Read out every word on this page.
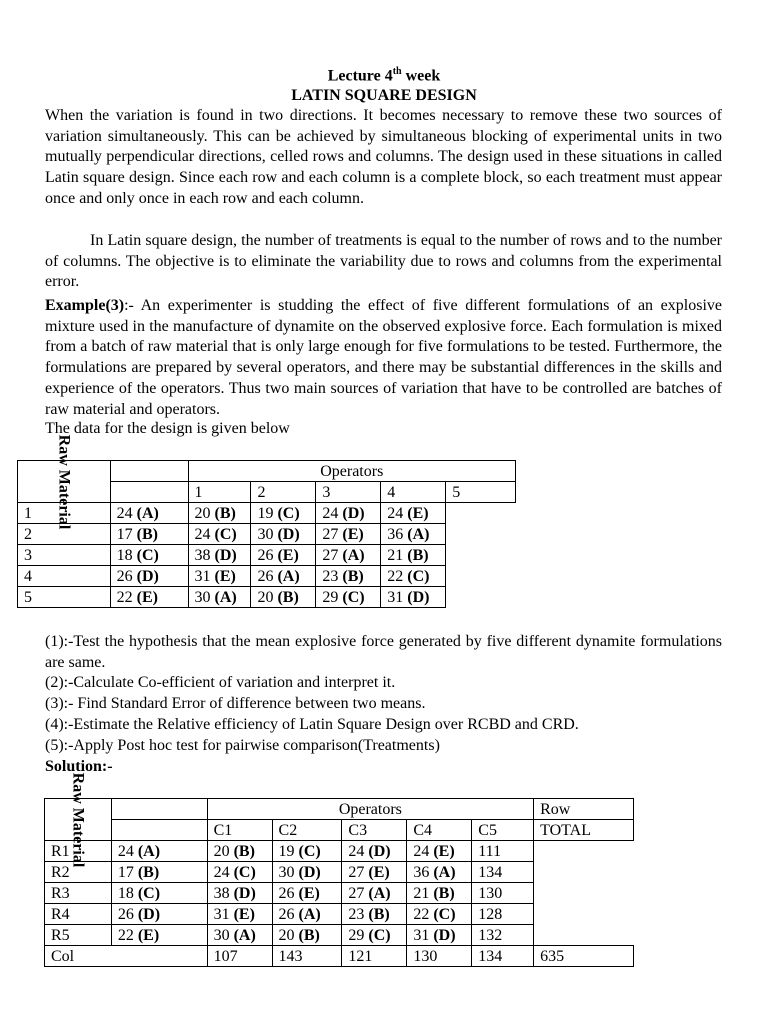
Lecture 4th week
LATIN SQUARE DESIGN

When the variation is found in two directions. It becomes necessary to remove these two sources of variation simultaneously. This can be achieved by simultaneous blocking of experimental units in two mutually perpendicular directions, celled rows and columns. The design used in these situations in called Latin square design. Since each row and each column is a complete block, so each treatment must appear once and only once in each row and each column.

In Latin square design, the number of treatments is equal to the number of rows and to the number of columns. The objective is to eliminate the variability due to rows and columns from the experimental error.

Example(3):- An experimenter is studding the effect of five different formulations of an explosive mixture used in the manufacture of dynamite on the observed explosive force. Each formulation is mixed from a batch of raw material that is only large enough for five formulations to be tested. Furthermore, the formulations are prepared by several operators, and there may be substantial differences in the skills and experience of the operators. Thus two main sources of variation that have to be controlled are batches of raw material and operators.

The data for the design is given below
Raw Material		Operators				
		1	2	3	4	5
1	24 (A)	20 (B)	19 (C)	24 (D)	24 (E)	
2	17 (B)	24 (C)	30 (D)	27 (E)	36 (A)	
3	18 (C)	38 (D)	26 (E)	27 (A)	21 (B)	
4	26 (D)	31 (E)	26 (A)	23 (B)	22 (C)	
5	22 (E)	30 (A)	20 (B)	29 (C)	31 (D)	
(1):-Test the hypothesis that the mean explosive force generated by five different dynamite formulations are same.
(2):-Calculate Co-efficient of variation and interpret it.
(3):- Find Standard Error of difference between two means.
(4):-Estimate the Relative efficiency of Latin Square Design over RCBD and CRD.
(5):-Apply Post hoc test for pairwise comparison(Treatments)
Solution:-
Raw Material		Operators					Row
		C1	C2	C3	C4	C5	TOTAL
R1	24 (A)	20 (B)	19 (C)	24 (D)	24 (E)	111	
R2	17 (B)	24 (C)	30 (D)	27 (E)	36 (A)	134	
R3	18 (C)	38 (D)	26 (E)	27 (A)	21 (B)	130	
R4	26 (D)	31 (E)	26 (A)	23 (B)	22 (C)	128	
R5	22 (E)	30 (A)	20 (B)	29 (C)	31 (D)	132	
Col		107	143	121	130	134	635
